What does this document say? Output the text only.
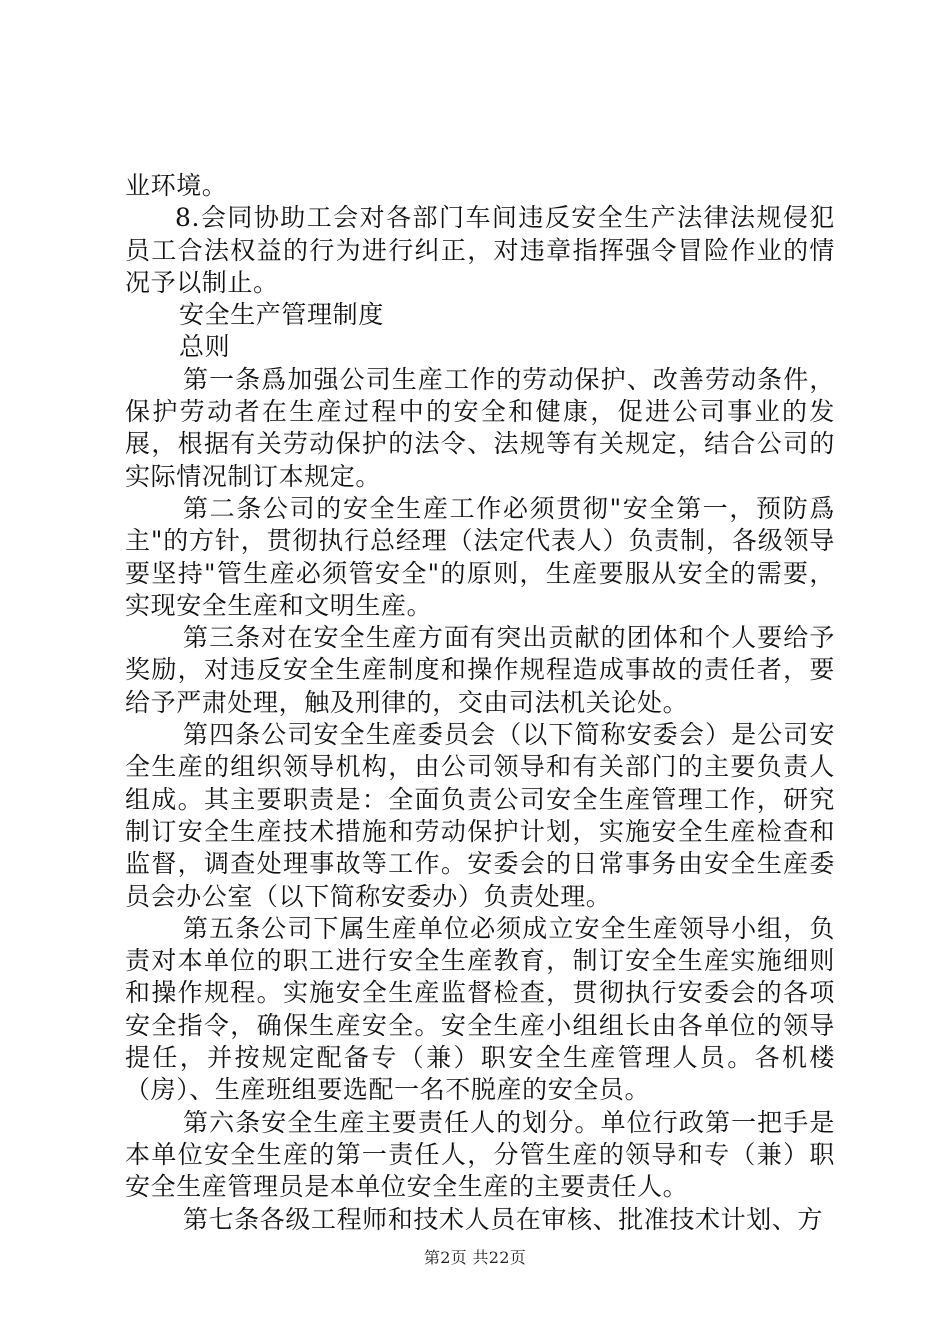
业环境。

8.会同协助工会对各部门车间违反安全生产法律法规侵犯员工合法权益的行为进行纠正，对违章指挥强令冒险作业的情况予以制止。

安全生产管理制度

总则

第一条爲加强公司生産工作的劳动保护、改善劳动条件，保护劳动者在生産过程中的安全和健康，促进公司事业的发展，根据有关劳动保护的法令、法规等有关规定，结合公司的实际情况制订本规定。

第二条公司的安全生産工作必须贯彻"安全第一，预防爲主"的方针，贯彻执行总经理（法定代表人）负责制，各级领导要坚持"管生産必须管安全"的原则，生産要服从安全的需要，实现安全生産和文明生産。

第三条对在安全生産方面有突出贡献的团体和个人要给予奖励，对违反安全生産制度和操作规程造成事故的责任者，要给予严肃处理，触及刑律的，交由司法机关论处。

第四条公司安全生産委员会（以下简称安委会）是公司安全生産的组织领导机构，由公司领导和有关部门的主要负责人组成。其主要职责是：全面负责公司安全生産管理工作，研究制订安全生産技术措施和劳动保护计划，实施安全生産检查和监督，调查处理事故等工作。安委会的日常事务由安全生産委员会办公室（以下简称安委办）负责处理。

第五条公司下属生産单位必须成立安全生産领导小组，负责对本单位的职工进行安全生産教育，制订安全生産实施细则和操作规程。实施安全生産监督检查，贯彻执行安委会的各项安全指令，确保生産安全。安全生産小组组长由各单位的领导提任，并按规定配备专（兼）职安全生産管理人员。各机楼（房）、生産班组要选配一名不脱産的安全员。

第六条安全生産主要责任人的划分。单位行政第一把手是本单位安全生産的第一责任人，分管生産的领导和专（兼）职安全生産管理员是本单位安全生産的主要责任人。

第七条各级工程师和技术人员在审核、批准技术计划、方

第2页 共22页
